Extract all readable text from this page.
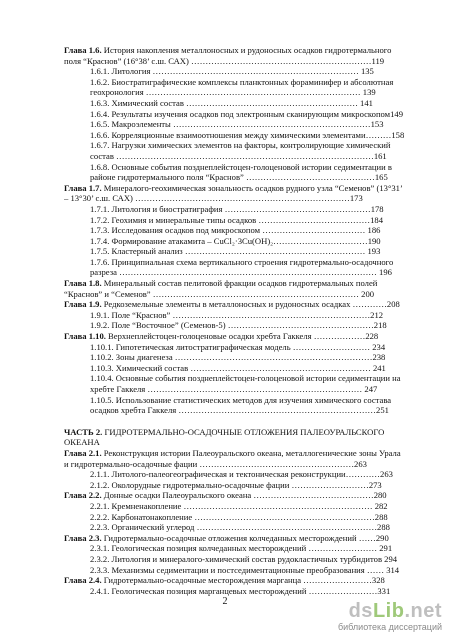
Глава 1.6. История накопления металлоносных и рудоносных осадков гидротермального
поля “Краснов” (16°38’ с.ш. САХ) ………………………………………………………119
1.6.1. Литология ……………………………………………………………… 135
1.6.2. Биостратиграфические комплексы планктонных фораминифер и абсолютная
геохронология ………………………………………………………………… 139
1.6.3. Химический состав …………………………………………………… 141
1.6.4. Результаты изучения осадков под электронным сканирующим микроскопом149
1.6.5. Макроэлементы ……………………………………………………………153
1.6.6. Корреляционные взаимоотношения между химическими элементами………158
1.6.7. Нагрузки химических элементов на факторы, контролирующие химический
состав ………………………………………………………………………………161
1.6.8. Основные события позднеплейстоцен-голоценовой истории седиментации в
районе гидротермального поля “Краснов” ………………………………………165
Глава 1.7. Минералого-геохимическая зональность осадков рудного узла “Семенов” (13°31’
– 13°30’ с.ш. САХ) …………………………………………………………………173
1.7.1. Литология и биостратиграфия ……………………………………………178
1.7.2. Геохимия и минеральные типы осадков …………………………………184
1.7.3. Исследования осадков под микроскопом ……………………………… 186
1.7.4. Формирование атакамита – CuCl₂·3Cu(OH)₂……………………………190
1.7.5. Кластерный анализ ……………………………………………………… 193
1.7.6. Принципиальная схема вертикального строения гидротермально-осадочного
разреза ……………………………………………………………………………… 196
Глава 1.8. Минеральный состав пелитовой фракции осадков гидротермальных полей
“Краснов” и “Семенов” ……………………………………………………………… 200
Глава 1.9. Редкоземельные элементы в металлоносных и рудоносных осадках …………208
1.9.1. Поле “Краснов” ……………………………………………………………212
1.9.2. Поле “Восточное” (Семенов-5) ……………………………………………218
Глава 1.10. Верхнеплейстоцен-голоценовые осадки хребта Гаккеля ………………228
1.10.1. Гипотетическая литостратиграфическая модель ……………………… 234
1.10.2. Зоны диагенеза ……………………………………………………………238
1.10.3. Химический состав ……………………………………………………… 241
1.10.4. Основные события позднеплейстоцен-голоценовой истории седиментации на
хребте Гаккеля ………………………………………………………………… 247
1.10.5. Использование статистических методов для изучения химического состава
осадков хребта Гаккеля ……………………………………………………………251
ЧАСТЬ 2. ГИДРОТЕРМАЛЬНО-ОСАДОЧНЫЕ ОТЛОЖЕНИЯ ПАЛЕОУРАЛЬСКОГО
ОКЕАНА
Глава 2.1. Реконструкция истории Палеоуральского океана, металлогенические зоны Урала
и гидротермально-осадочные фации ………………………………………………263
2.1.1. Литолого-палеогеографическая и тектоническая реконструкции…………263
2.1.2. Околорудные гидротермально-осадочные фации ………………………273
Глава 2.2. Донные осадки Палеоуральского океана ……………………………………280
2.2.1. Кремненакопление ………………………………………………………… 282
2.2.2. Карбонатонакопление ………………………………………………………288
2.2.3. Органический углерод ………………………………………………………288
Глава 2.3. Гидротермально-осадочные отложения колчеданных месторождений ……290
2.3.1. Геологическая позиция колчеданных месторождений …………………… 291
2.3.2. Литология и минералого-химический состав рудокластичных турбидитов 294
2.3.3. Механизмы седиментации и постседиментационные преобразования …… 314
Глава 2.4. Гидротермально-осадочные месторождения марганца ……………………328
2.4.1. Геологическая позиция марганцевых месторождений ……………………331
2	dsLib.net
библиотека диссертаций
